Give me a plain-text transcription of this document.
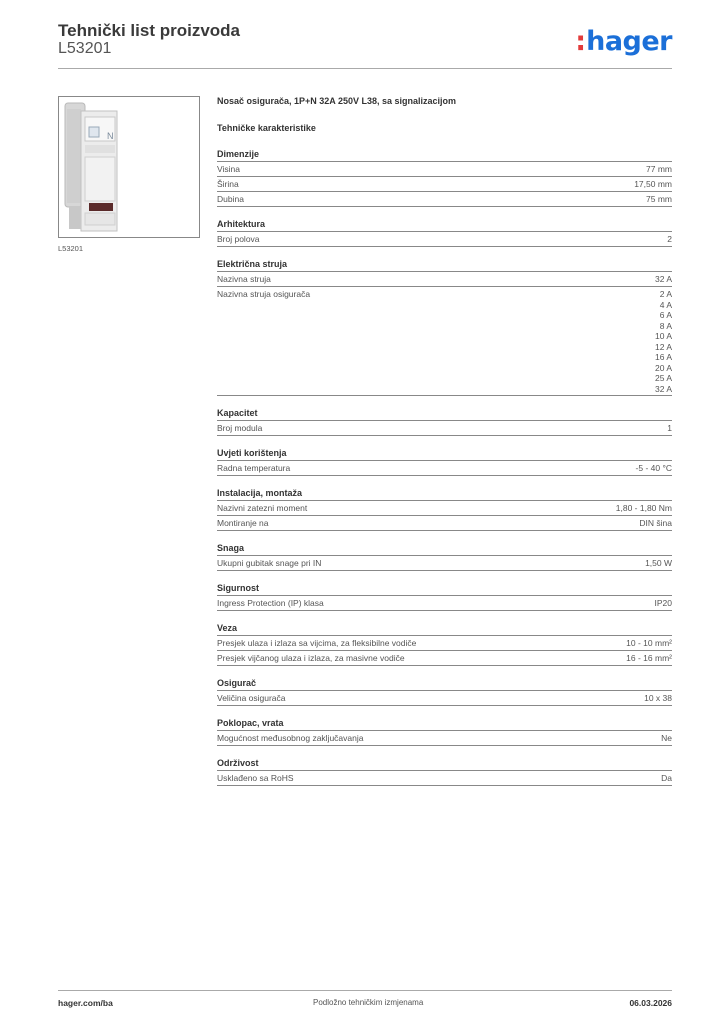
Tehnički list proizvoda
L53201	:hager
N
L53201
Nosač osigurača, 1P+N 32A 250V L38, sa signalizacijom
Tehničke karakteristike
Dimenzije
Visina	77 mm
Širina	17,50 mm
Dubina	75 mm
Arhitektura
Broj polova	2
Električna struja
Nazivna struja	32 A
Nazivna struja osigurača	2 A
4 A
6 A
8 A
10 A
12 A
16 A
20 A
25 A
32 A
Kapacitet
Broj modula	1
Uvjeti korištenja
Radna temperatura	-5 - 40 °C
Instalacija, montaža
Nazivni zatezni moment	1,80 - 1,80 Nm
Montiranje na	DIN šina
Snaga
Ukupni gubitak snage pri IN	1,50 W
Sigurnost
Ingress Protection (IP) klasa	IP20
Veza
Presjek ulaza i izlaza sa vijcima, za fleksibilne vodiče	10 - 10 mm²
Presjek vijčanog ulaza i izlaza, za masivne vodiče	16 - 16 mm²
Osigurač
Veličina osigurača	10 x 38
Poklopac, vrata
Mogućnost međusobnog zaključavanja	Ne
Održivost
Usklađeno sa RoHS	Da
hager.com/ba	Podložno tehničkim izmjenama	06.03.2026
